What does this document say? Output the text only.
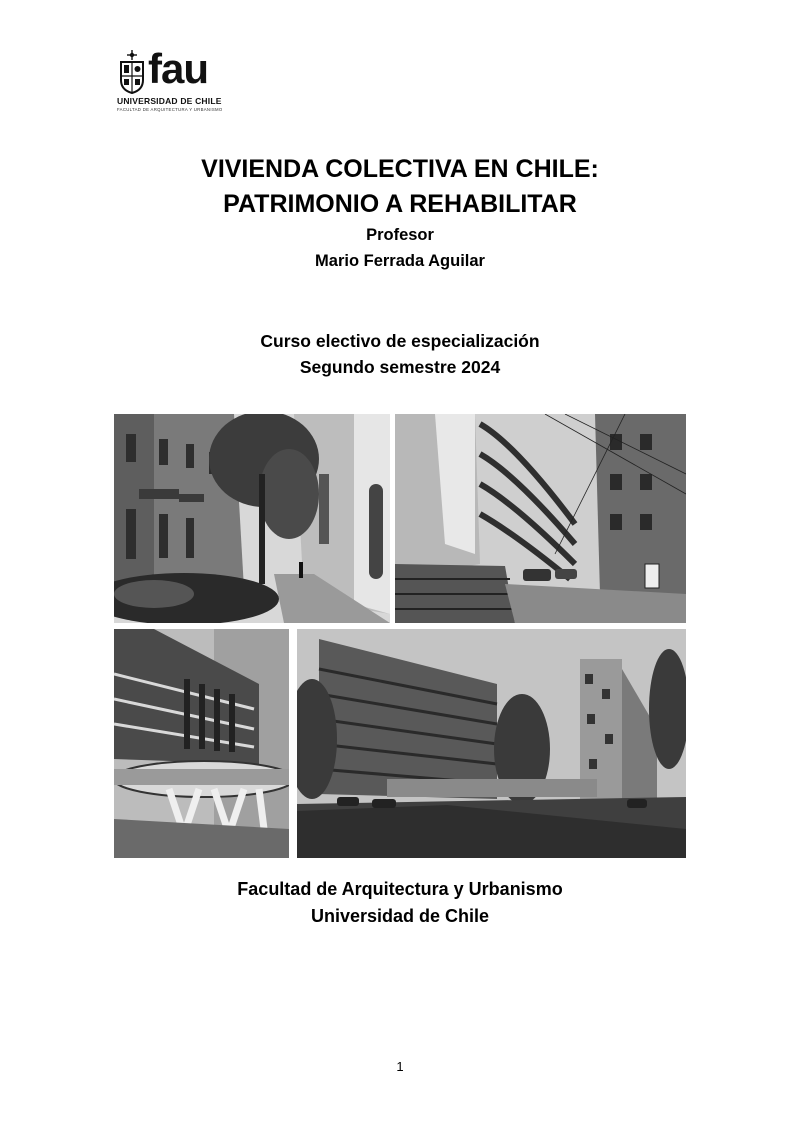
fau
UNIVERSIDAD DE CHILE
FACULTAD DE ARQUITECTURA Y URBANISMO
VIVIENDA COLECTIVA EN CHILE:
PATRIMONIO A REHABILITAR
Profesor
Mario Ferrada Aguilar
Curso electivo de especialización
Segundo semestre 2024
Facultad de Arquitectura y Urbanismo
Universidad de Chile
1
